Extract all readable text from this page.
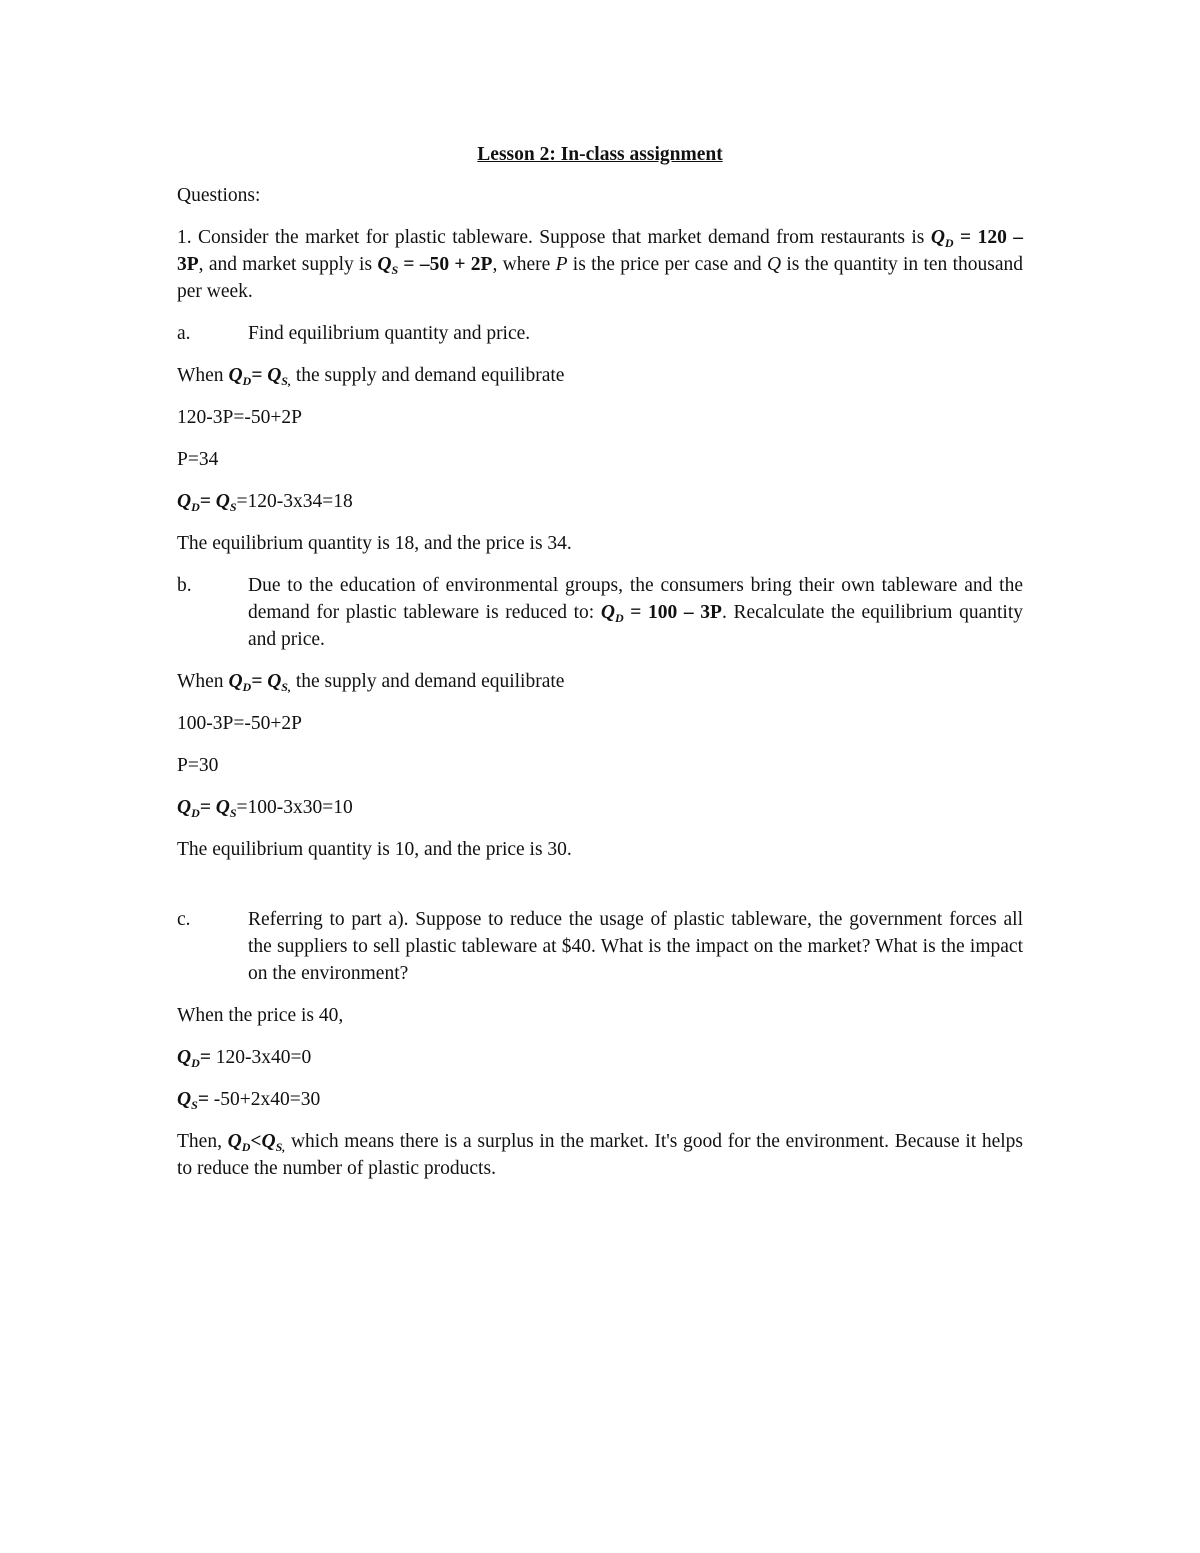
Lesson 2: In-class assignment

Questions:

1. Consider the market for plastic tableware. Suppose that market demand from restaurants is $Q_D = 120 - 3P$, and market supply is $Q_S = -50 + 2P$, where P is the price per case and Q is the quantity in ten thousand per week.

a.	Find equilibrium quantity and price.

When $Q_D= Q_{S,}$ the supply and demand equilibrate

120-3P=-50+2P

P=34

$Q_D= Q_S=120-3x34=18$

The equilibrium quantity is 18, and the price is 34.

b.	Due to the education of environmental groups, the consumers bring their own tableware and the demand for plastic tableware is reduced to: $Q_D = 100 - 3P$. Recalculate the equilibrium quantity and price.

When $Q_D= Q_{S,}$ the supply and demand equilibrate

100-3P=-50+2P

P=30

$Q_D= Q_S=100-3x30=10$

The equilibrium quantity is 10, and the price is 30.

c.	Referring to part a). Suppose to reduce the usage of plastic tableware, the government forces all the suppliers to sell plastic tableware at $40. What is the impact on the market? What is the impact on the environment?

When the price is 40,

$Q_D= 120-3x40=0$

$Q_S= -50+2x40=30$

Then, $Q_D<Q_{S,}$ which means there is a surplus in the market. It's good for the environment. Because it helps to reduce the number of plastic products.
